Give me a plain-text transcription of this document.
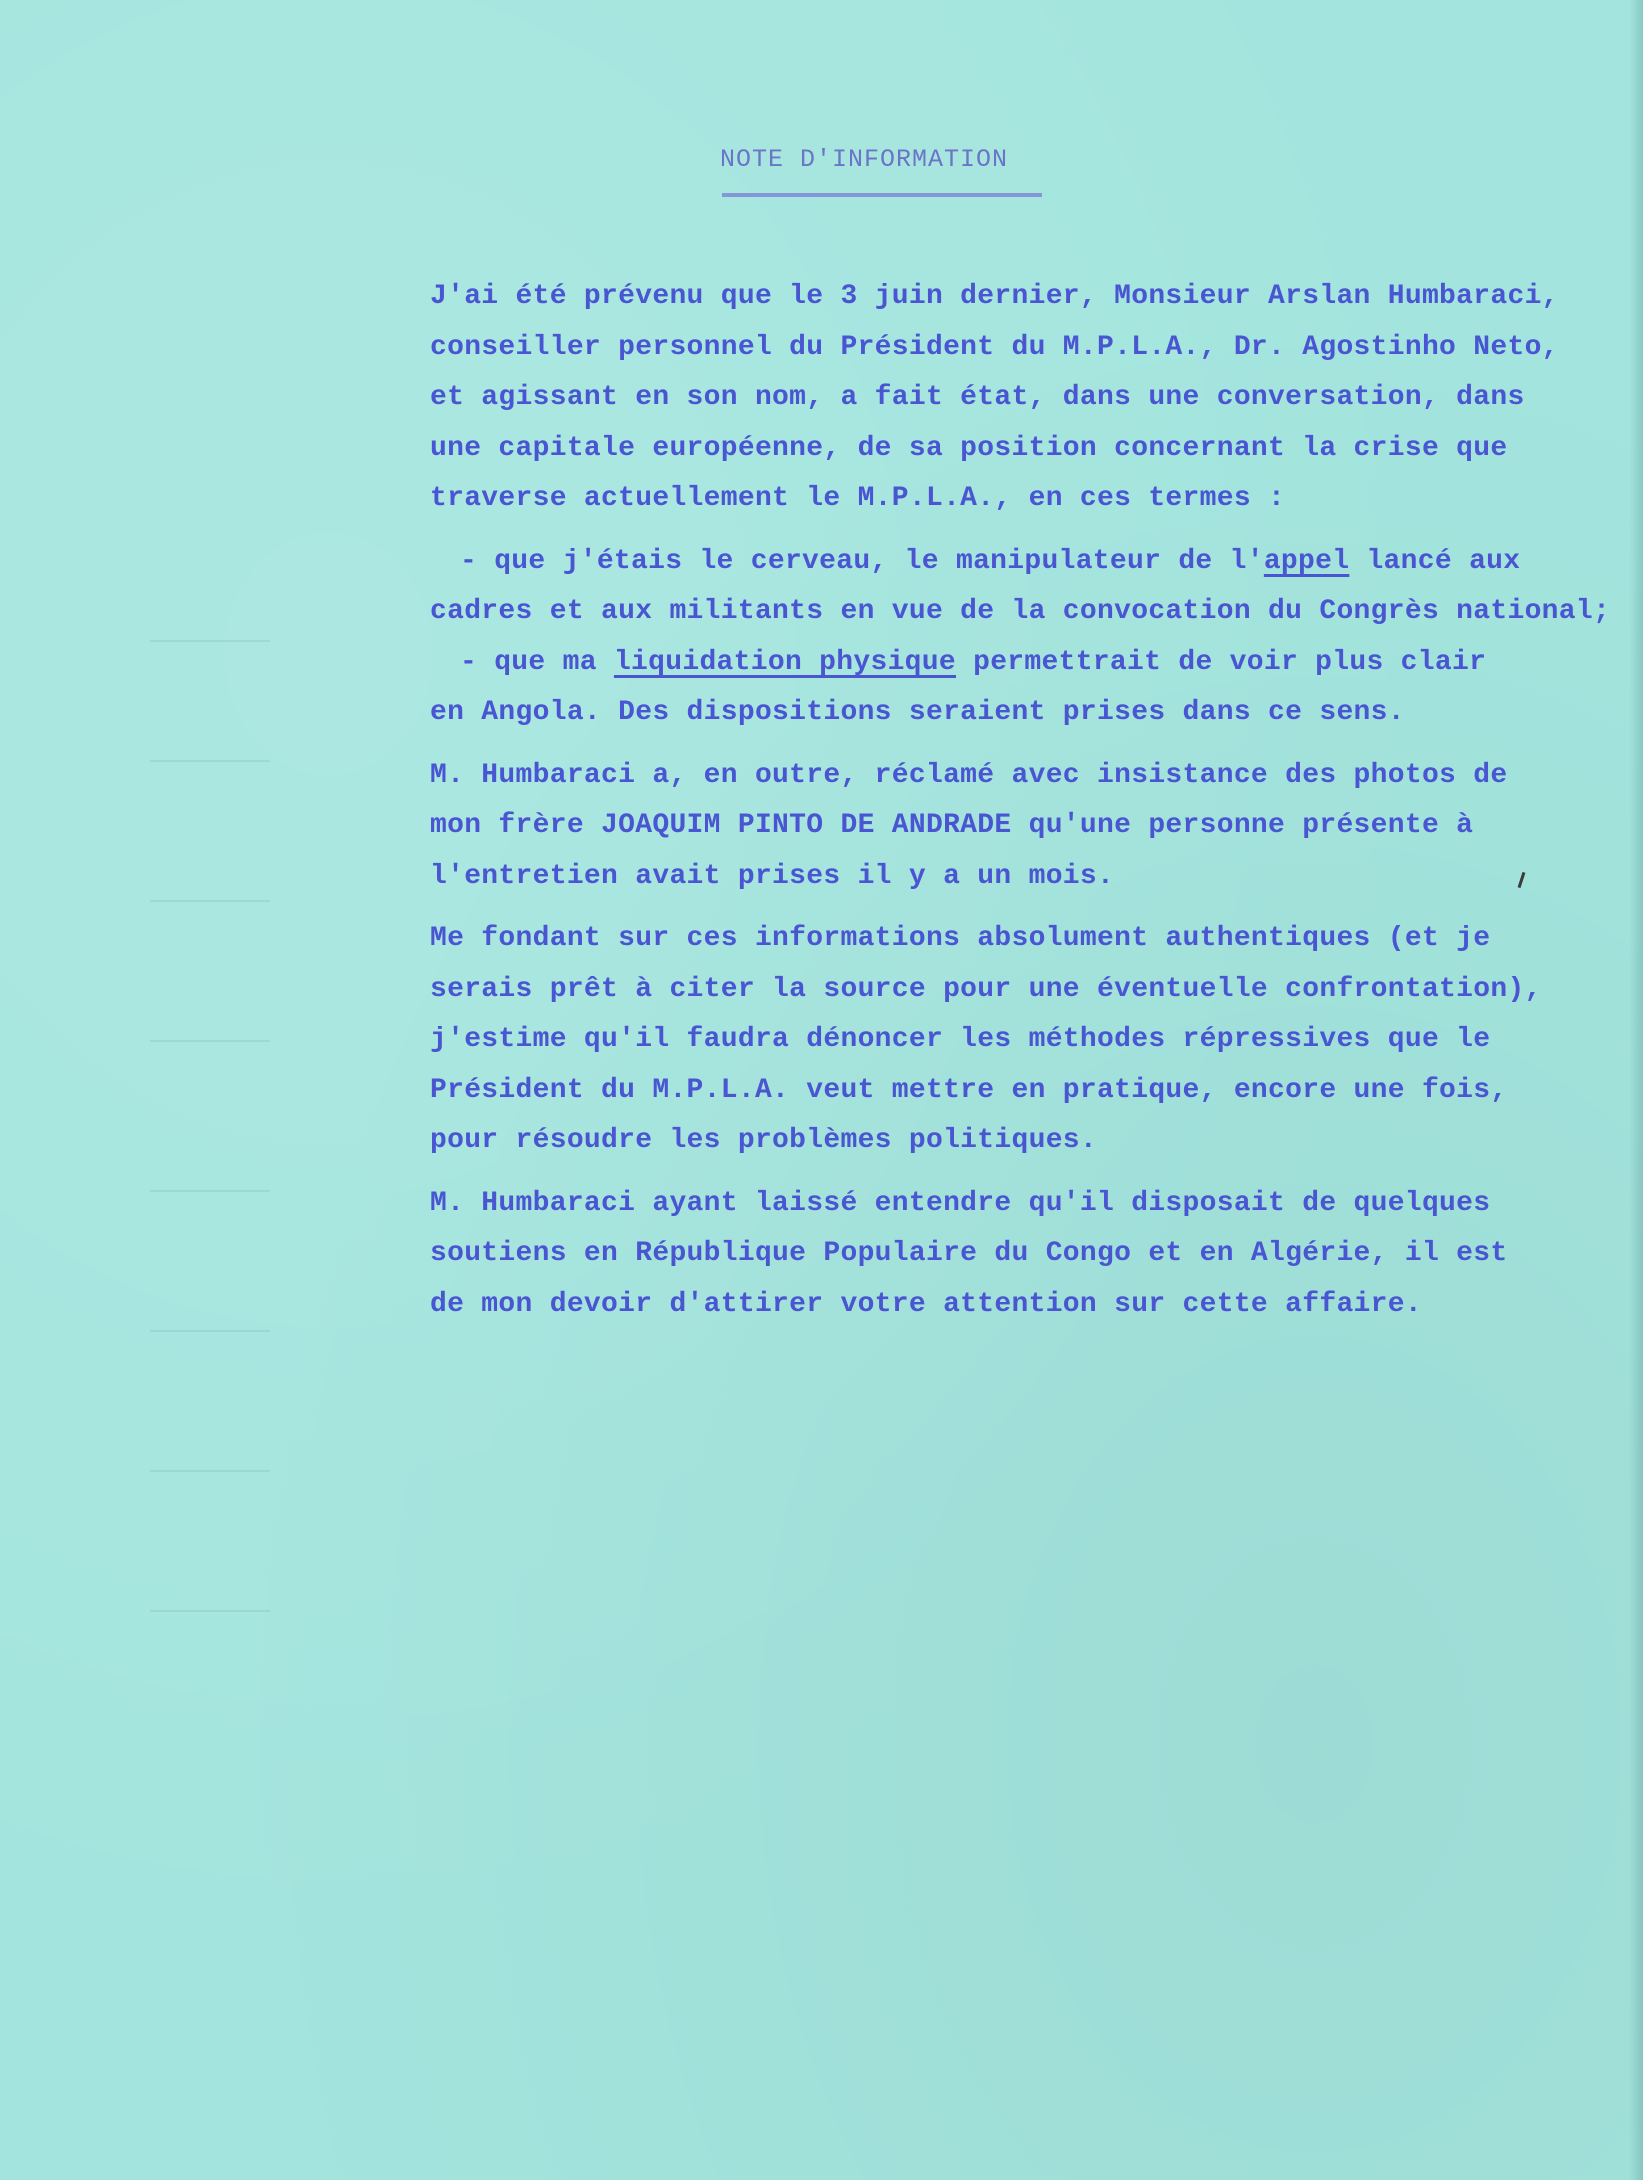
NOTE D'INFORMATION
J'ai été prévenu que le 3 juin dernier, Monsieur Arslan Humbaraci,
conseiller personnel du Président du M.P.L.A., Dr. Agostinho Neto,
et agissant en son nom, a fait état, dans une conversation, dans
une capitale européenne, de sa position concernant la crise que
traverse actuellement le M.P.L.A., en ces termes :
- que j'étais le cerveau, le manipulateur de l'appel lancé aux
cadres et aux militants en vue de la convocation du Congrès national;
- que ma liquidation physique permettrait de voir plus clair
en Angola. Des dispositions seraient prises dans ce sens.
M. Humbaraci a, en outre, réclamé avec insistance des photos de
mon frère JOAQUIM PINTO DE ANDRADE qu'une personne présente à
l'entretien avait prises il y a un mois.
Me fondant sur ces informations absolument authentiques (et je
serais prêt à citer la source pour une éventuelle confrontation),
j'estime qu'il faudra dénoncer les méthodes répressives que le
Président du M.P.L.A. veut mettre en pratique, encore une fois,
pour résoudre les problèmes politiques.
M. Humbaraci ayant laissé entendre qu'il disposait de quelques
soutiens en République Populaire du Congo et en Algérie, il est
de mon devoir d'attirer votre attention sur cette affaire.
